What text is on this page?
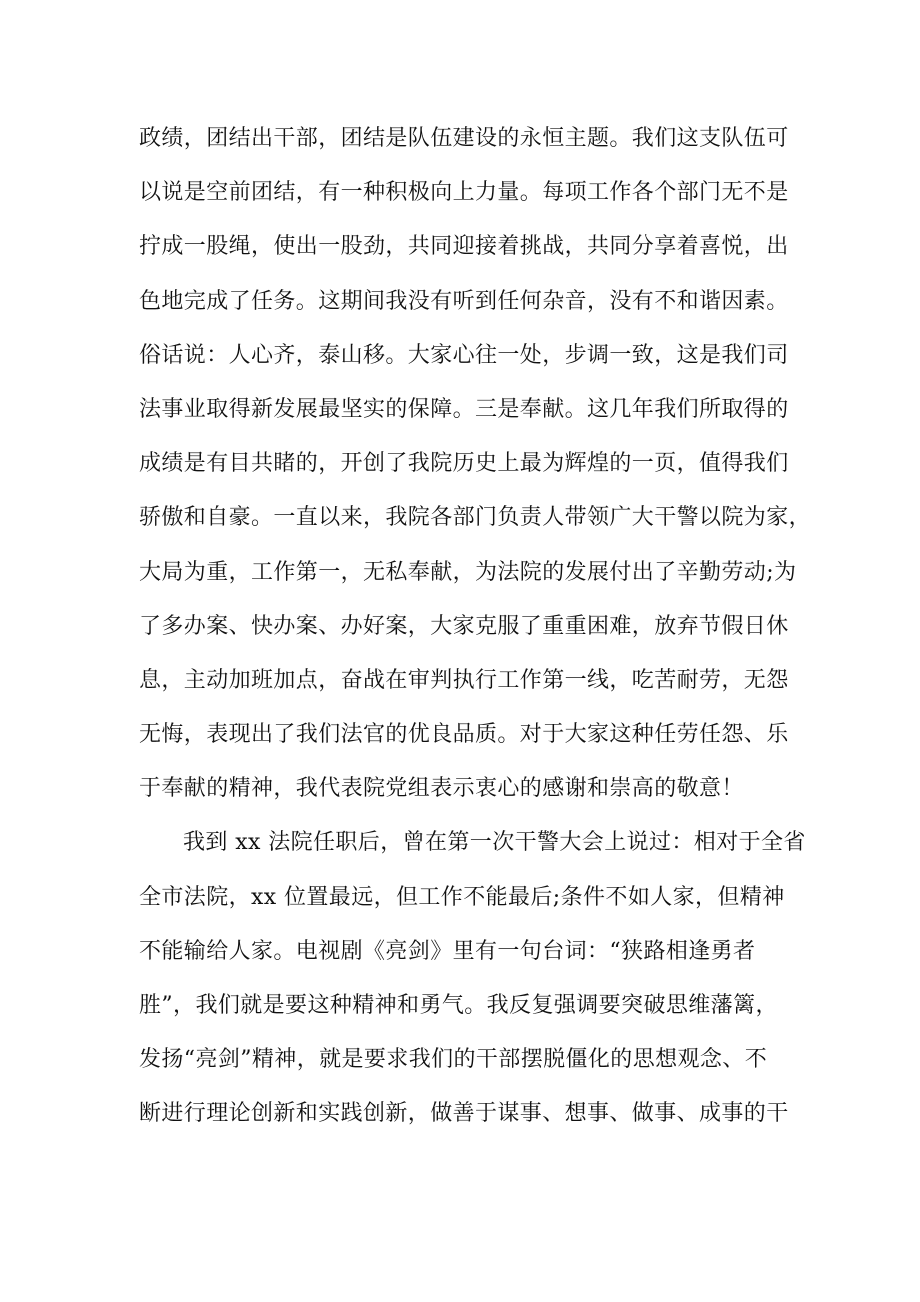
政绩，团结出干部，团结是队伍建设的永恒主题。我们这支队伍可
以说是空前团结，有一种积极向上力量。每项工作各个部门无不是
拧成一股绳，使出一股劲，共同迎接着挑战，共同分享着喜悦，出
色地完成了任务。这期间我没有听到任何杂音，没有不和谐因素。
俗话说：人心齐，泰山移。大家心往一处，步调一致，这是我们司
法事业取得新发展最坚实的保障。三是奉献。这几年我们所取得的
成绩是有目共睹的，开创了我院历史上最为辉煌的一页，值得我们
骄傲和自豪。一直以来，我院各部门负责人带领广大干警以院为家，
大局为重，工作第一，无私奉献，为法院的发展付出了辛勤劳动;为
了多办案、快办案、办好案，大家克服了重重困难，放弃节假日休
息，主动加班加点，奋战在审判执行工作第一线，吃苦耐劳，无怨
无悔，表现出了我们法官的优良品质。对于大家这种任劳任怨、乐
于奉献的精神，我代表院党组表示衷心的感谢和崇高的敬意！
我到 xx 法院任职后，曾在第一次干警大会上说过：相对于全省
全市法院，xx 位置最远，但工作不能最后;条件不如人家，但精神
不能输给人家。电视剧《亮剑》里有一句台词：“狭路相逢勇者
胜”，我们就是要这种精神和勇气。我反复强调要突破思维藩篱，
发扬“亮剑”精神，就是要求我们的干部摆脱僵化的思想观念、不
断进行理论创新和实践创新，做善于谋事、想事、做事、成事的干
